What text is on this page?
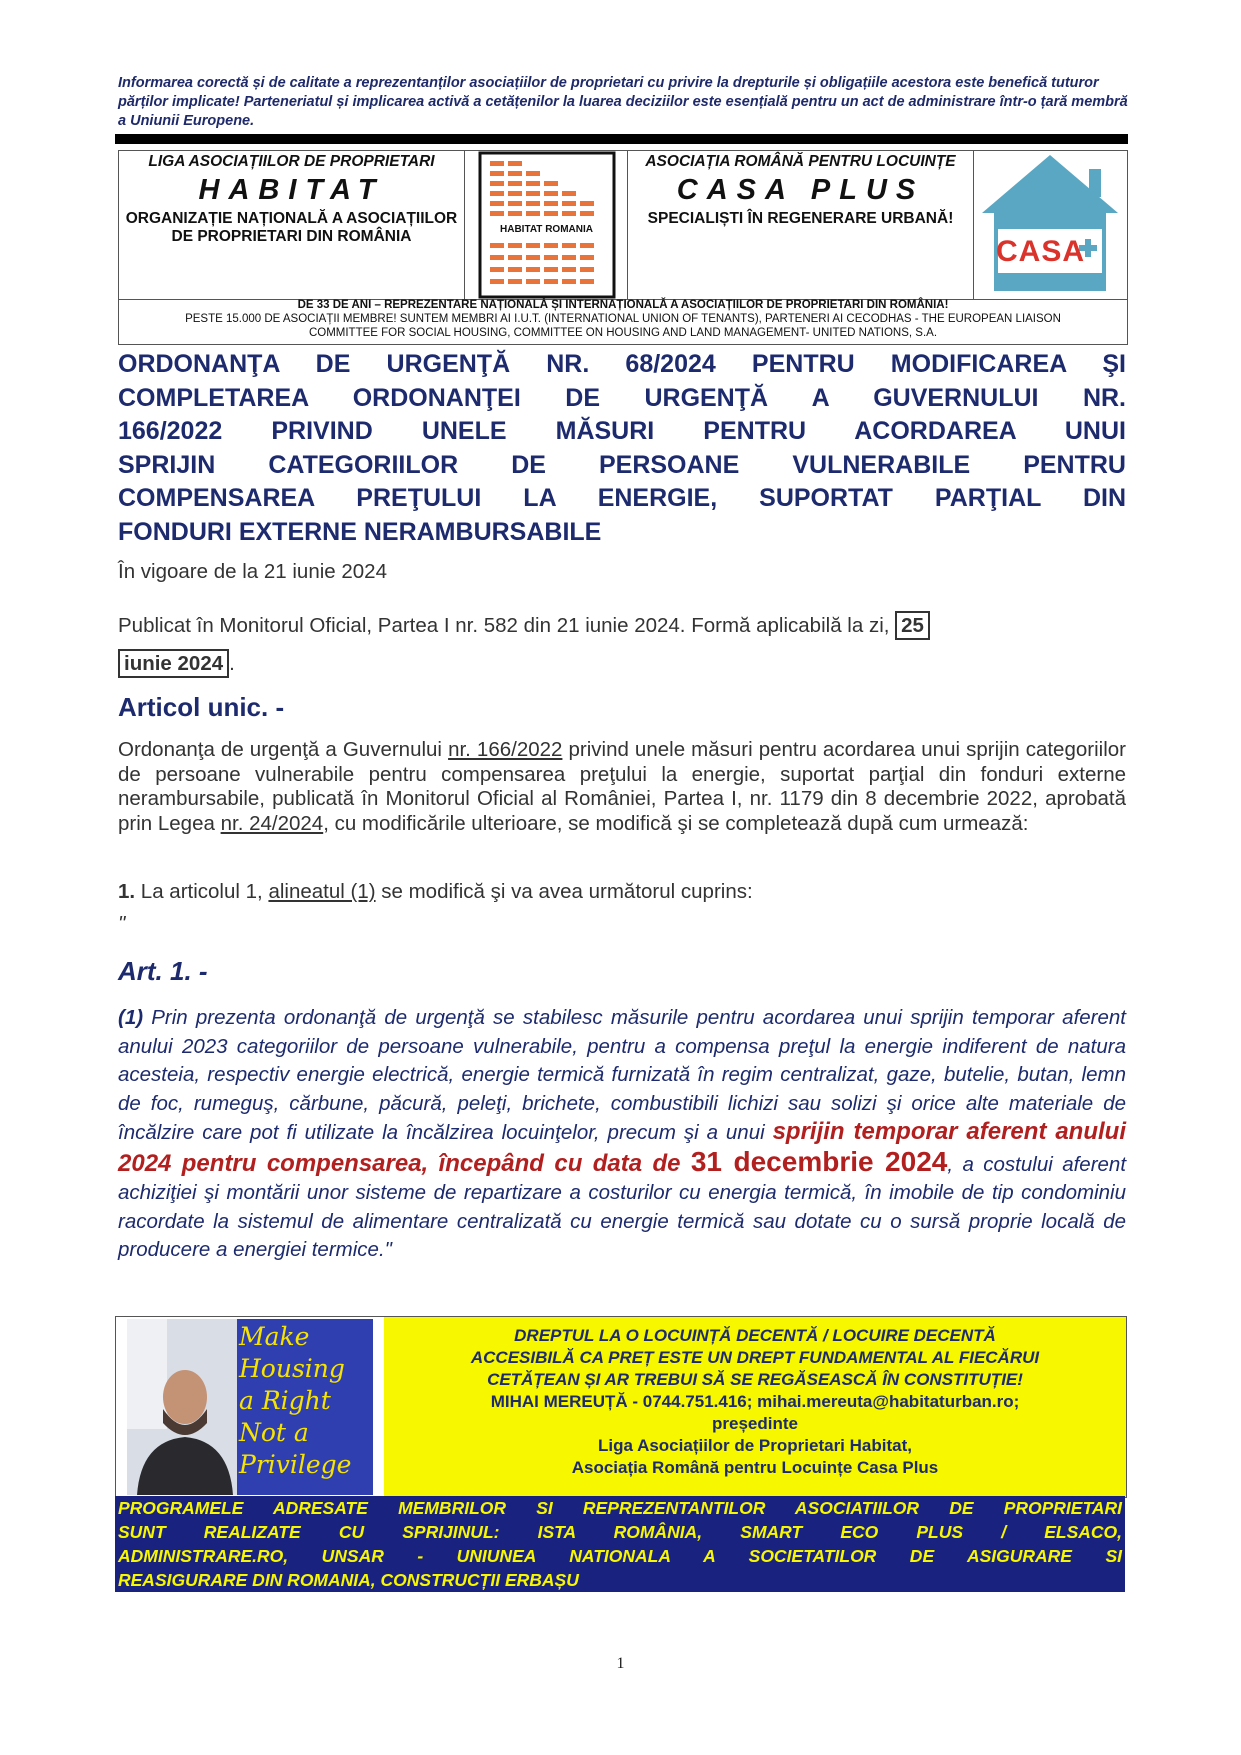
Informarea corectă și de calitate a reprezentanților asociațiilor de proprietari cu privire la drepturile și obligațiile acestora este benefică tuturor părților implicate! Parteneriatul și implicarea activă a cetățenilor la luarea deciziilor este esențială pentru un act de administrare într-o țară membră a Uniunii Europene.
LIGA ASOCIAȚIILOR DE PROPRIETARI
HABITAT
ORGANIZAȚIE NAȚIONALĂ A ASOCIAȚIILOR DE PROPRIETARI DIN ROMÂNIA	HABITAT ROMANIA
ASOCIAȚIA ROMÂNĂ PENTRU LOCUINȚE
CASA PLUS
SPECIALIȘTI ÎN REGENERARE URBANĂ!
CASA
DE 33 DE ANI – REPREZENTARE NAȚIONALĂ ȘI INTERNAȚIONALĂ A ASOCIAȚIILOR DE PROPRIETARI DIN ROMÂNIA!
PESTE 15.000 DE ASOCIAȚII MEMBRE! SUNTEM MEMBRI AI I.U.T. (INTERNATIONAL UNION OF TENANTS), PARTENERI AI CECODHAS - THE EUROPEAN LIAISON
COMMITTEE FOR SOCIAL HOUSING, COMMITTEE ON HOUSING AND LAND MANAGEMENT- UNITED NATIONS, S.A.
ORDONANŢA DE URGENŢĂ NR. 68/2024 PENTRU MODIFICAREA ŞI
COMPLETAREA ORDONANŢEI DE URGENŢĂ A GUVERNULUI NR.
166/2022 PRIVIND UNELE MĂSURI PENTRU ACORDAREA UNUI
SPRIJIN CATEGORIILOR DE PERSOANE VULNERABILE PENTRU
COMPENSAREA PREŢULUI LA ENERGIE, SUPORTAT PARŢIAL DIN
FONDURI EXTERNE NERAMBURSABILE
În vigoare de la 21 iunie 2024
Publicat în Monitorul Oficial, Partea I nr. 582 din 21 iunie 2024. Formă aplicabilă la zi, 25
iunie 2024 .
Articol unic. -
Ordonanţa de urgenţă a Guvernului nr. 166/2022 privind unele măsuri pentru acordarea unui sprijin categoriilor de persoane vulnerabile pentru compensarea preţului la energie, suportat parţial din fonduri externe nerambursabile, publicată în Monitorul Oficial al României, Partea I, nr. 1179 din 8 decembrie 2022, aprobată prin Legea nr. 24/2024, cu modificările ulterioare, se modifică şi se completează după cum urmează:
1. La articolul 1, alineatul (1) se modifică şi va avea următorul cuprins:
"
Art. 1. -
(1) Prin prezenta ordonanţă de urgenţă se stabilesc măsurile pentru acordarea unui sprijin temporar aferent anului 2023 categoriilor de persoane vulnerabile, pentru a compensa preţul la energie indiferent de natura acesteia, respectiv energie electrică, energie termică furnizată în regim centralizat, gaze, butelie, butan, lemn de foc, rumeguş, cărbune, păcură, peleţi, brichete, combustibili lichizi sau solizi şi orice alte materiale de încălzire care pot fi utilizate la încălzirea locuinţelor, precum şi a unui sprijin temporar aferent anului 2024 pentru compensarea, începând cu data de 31 decembrie 2024, a costului aferent achiziţiei şi montării unor sisteme de repartizare a costurilor cu energia termică, în imobile de tip condominiu racordate la sistemul de alimentare centralizată cu energie termică sau dotate cu o sursă proprie locală de producere a energiei termice."
Make
Housing
a Right
Not a
Privilege
DREPTUL LA O LOCUINȚĂ DECENTĂ / LOCUIRE DECENTĂ
ACCESIBILĂ CA PREȚ ESTE UN DREPT FUNDAMENTAL AL FIECĂRUI
CETĂȚEAN ȘI AR TREBUI SĂ SE REGĂSEASCĂ ÎN CONSTITUȚIE!
MIHAI MEREUȚĂ - 0744.751.416; mihai.mereuta@habitaturban.ro;
președinte
Liga Asociațiilor de Proprietari Habitat,
Asociația Română pentru Locuințe Casa Plus
PROGRAMELE ADRESATE MEMBRILOR SI REPREZENTANTILOR ASOCIATIILOR DE PROPRIETARI
SUNT REALIZATE CU SPRIJINUL: ISTA ROMÂNIA, SMART ECO PLUS / ELSACO,
ADMINISTRARE.RO, UNSAR - UNIUNEA NATIONALA A SOCIETATILOR DE ASIGURARE SI
REASIGURARE DIN ROMANIA, CONSTRUCȚII ERBAȘU
1
